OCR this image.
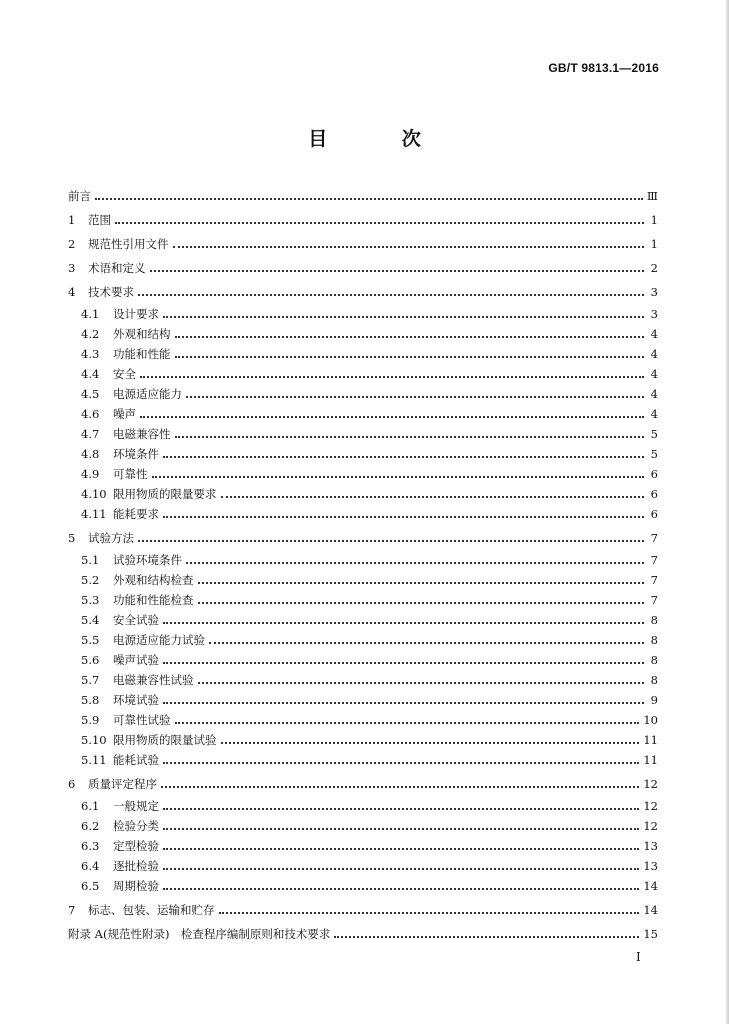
GB/T 9813.1—2016
目 次
前言	Ⅲ
1	范围	1
2	规范性引用文件	1
3	术语和定义	2
4	技术要求	3
4.1	设计要求	3
4.2	外观和结构	4
4.3	功能和性能	4
4.4	安全	4
4.5	电源适应能力	4
4.6	噪声	4
4.7	电磁兼容性	5
4.8	环境条件	5
4.9	可靠性	6
4.10 限用物质的限量要求	6
4.11 能耗要求	6
5	试验方法	7
5.1	试验环境条件	7
5.2	外观和结构检查	7
5.3	功能和性能检查	7
5.4	安全试验	8
5.5	电源适应能力试验	8
5.6	噪声试验	8
5.7	电磁兼容性试验	8
5.8	环境试验	9
5.9	可靠性试验	10
5.10 限用物质的限量试验	11
5.11 能耗试验	11
6	质量评定程序	12
6.1	一般规定	12
6.2	检验分类	12
6.3	定型检验	13
6.4	逐批检验	13
6.5	周期检验	14
7	标志、包装、运输和贮存	14
附录 A(规范性附录)　检查程序编制原则和技术要求	15
I
